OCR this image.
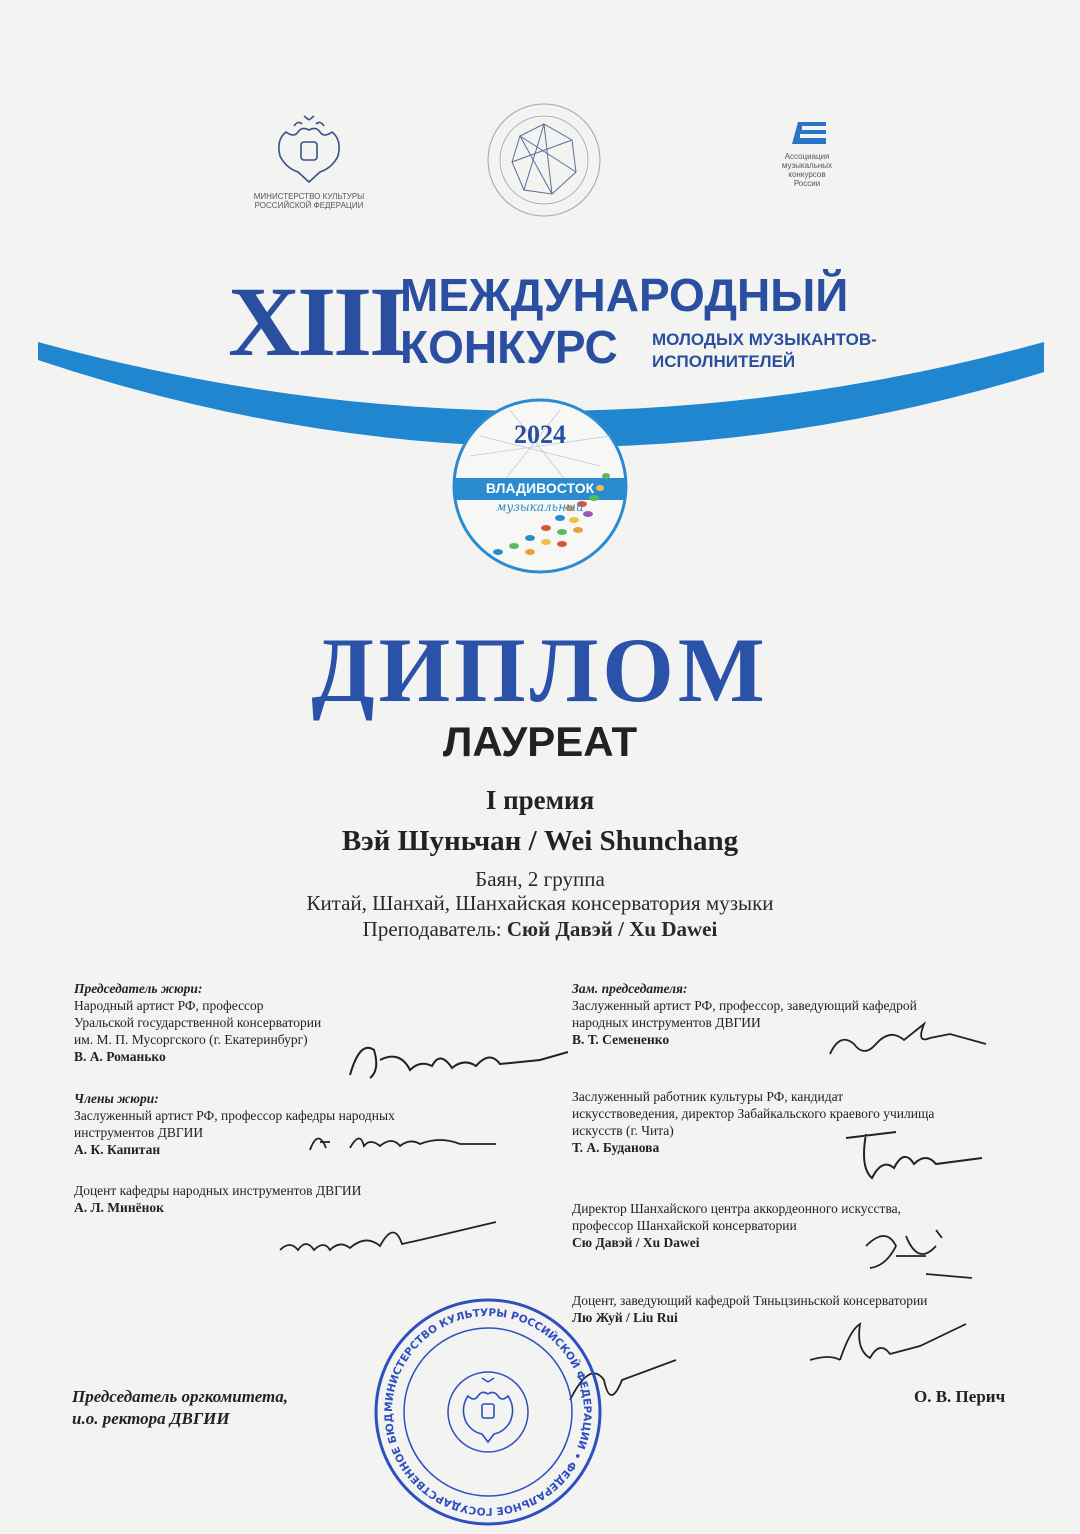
МИНИСТЕРСТВО КУЛЬТУРЫ РОССИЙСКОЙ ФЕДЕРАЦИИ
Ассоциация
музыкальных
конкурсов
России
XIII
МЕЖДУНАРОДНЫЙ
КОНКУРС МОЛОДЫХ МУЗЫКАНТОВ-
ИСПОЛНИТЕЛЕЙ
2024
ВЛАДИВОСТОК
музыкальный
ДИПЛОМ
ЛАУРЕАТ
I премия
Вэй Шуньчан / Wei Shunchang
Баян, 2 группа
Китай, Шанхай, Шанхайская консерватория музыки
Преподаватель: Сюй Давэй / Xu Dawei
Председатель жюри:
Народный артист РФ, профессор
Уральской государственной консерватории
им. М. П. Мусоргского (г. Екатеринбург)
В. А. Романько
Члены жюри:
Заслуженный артист РФ, профессор кафедры народных
инструментов ДВГИИ
А. К. Капитан
Доцент кафедры народных инструментов ДВГИИ
А. Л. Минёнок
Зам. председателя:
Заслуженный артист РФ, профессор, заведующий кафедрой
народных инструментов ДВГИИ
В. Т. Семененко
Заслуженный работник культуры РФ, кандидат
искусствоведения, директор Забайкальского краевого училища
искусств (г. Чита)
Т. А. Буданова
Директор Шанхайского центра аккордеонного искусства,
профессор Шанхайской консерватории
Сю Давэй / Xu Dawei
Доцент, заведующий кафедрой Тяньцзиньской консерватории
Лю Жуй / Liu Rui
МИНИСТЕРСТВО КУЛЬТУРЫ РОССИЙСКОЙ ФЕДЕРАЦИИ • ФЕДЕРАЛЬНОЕ ГОСУДАРСТВЕННОЕ БЮД
Председатель оргкомитета,
и.о. ректора ДВГИИ
О. В. Перич
